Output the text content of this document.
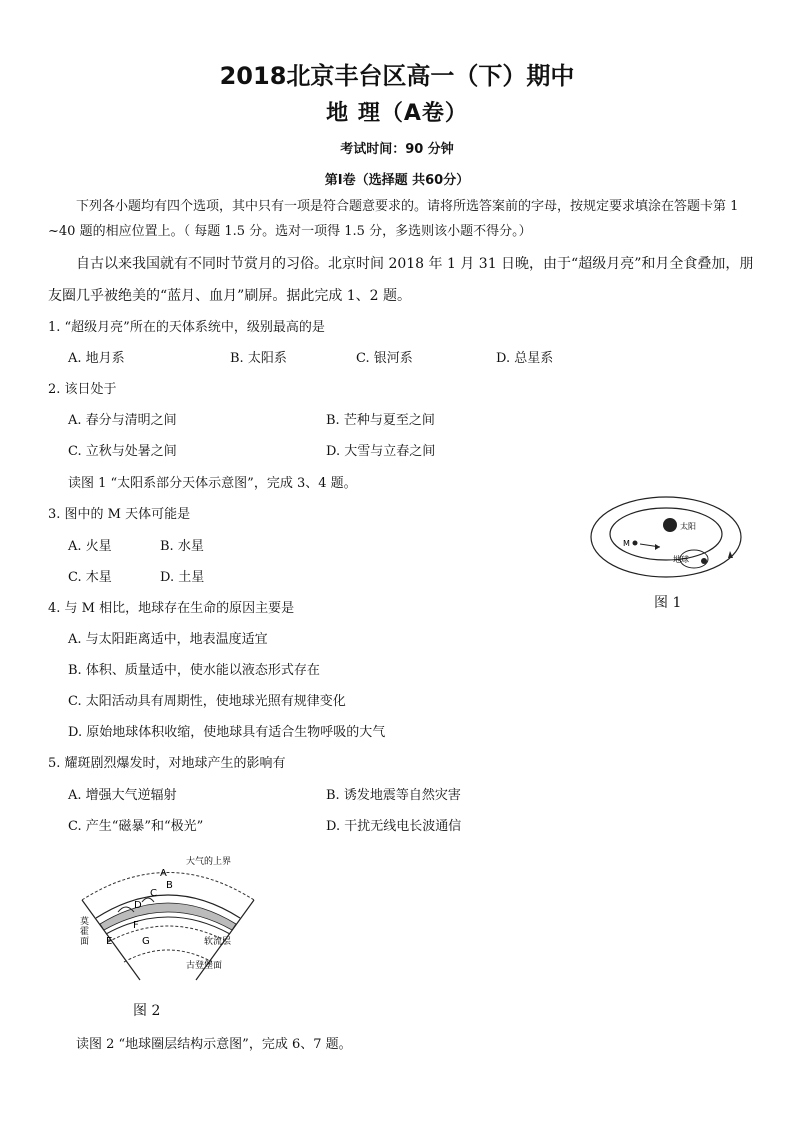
2018北京丰台区高一（下）期中
地 理（A卷）
考试时间：90 分钟
第I卷（选择题 共60分）
下列各小题均有四个选项，其中只有一项是符合题意要求的。请将所选答案前的字母，按规定要求填涂在答题卡第 1
~40 题的相应位置上。（ 每题 1.5 分。选对一项得 1.5 分，多选则该小题不得分。）
自古以来我国就有不同时节赏月的习俗。北京时间 2018 年 1 月 31 日晚，由于“超级月亮”和月全食叠加，朋
友圈几乎被绝美的“蓝月、血月”刷屏。据此完成 1、2 题。
1. “超级月亮”所在的天体系统中，级别最高的是
A. 地月系	B. 太阳系	C. 银河系	D. 总星系
2. 该日处于
A. 春分与清明之间	B. 芒种与夏至之间
C. 立秋与处暑之间	D. 大雪与立春之间
读图 1 “太阳系部分天体示意图”，完成 3、4 题。
3. 图中的 M 天体可能是
A. 火星	B. 水星
C. 木星	D. 土星
太阳
M
地球
图 1
4. 与 M 相比，地球存在生命的原因主要是
A. 与太阳距离适中，地表温度适宜
B. 体积、质量适中，使水能以液态形式存在
C. 太阳活动具有周期性，使地球光照有规律变化
D. 原始地球体积收缩，使地球具有适合生物呼吸的大气
5. 耀斑剧烈爆发时，对地球产生的影响有
A. 增强大气逆辐射	B. 诱发地震等自然灾害
C. 产生“磁暴”和“极光”	D. 干扰无线电长波通信
大气的上界
A
B
C
D
F
E	G
莫
霍
面	软流层
古登堡面
图 2
读图 2 “地球圈层结构示意图”，完成 6、7 题。
